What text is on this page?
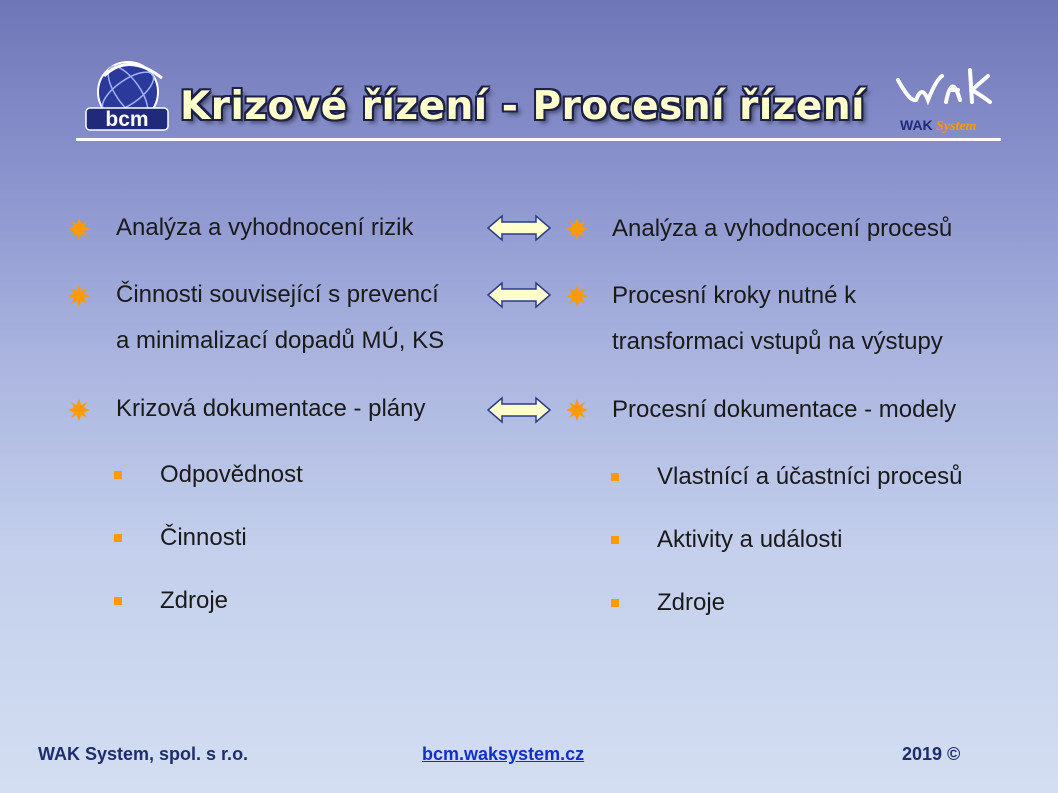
bcm Krizové řízení - Procesní řízení	WAK System
Analýza a vyhodnocení rizik
Činnosti související s prevencí
a minimalizací dopadů MÚ, KS
Krizová dokumentace - plány
Odpovědnost
Činnosti
Zdroje
Analýza a vyhodnocení procesů
Procesní kroky nutné k
transformaci vstupů na výstupy
Procesní dokumentace - modely
Vlastnící a účastníci procesů
Aktivity a události
Zdroje
WAK System, spol. s r.o.	bcm.waksystem.cz	2019 ©
